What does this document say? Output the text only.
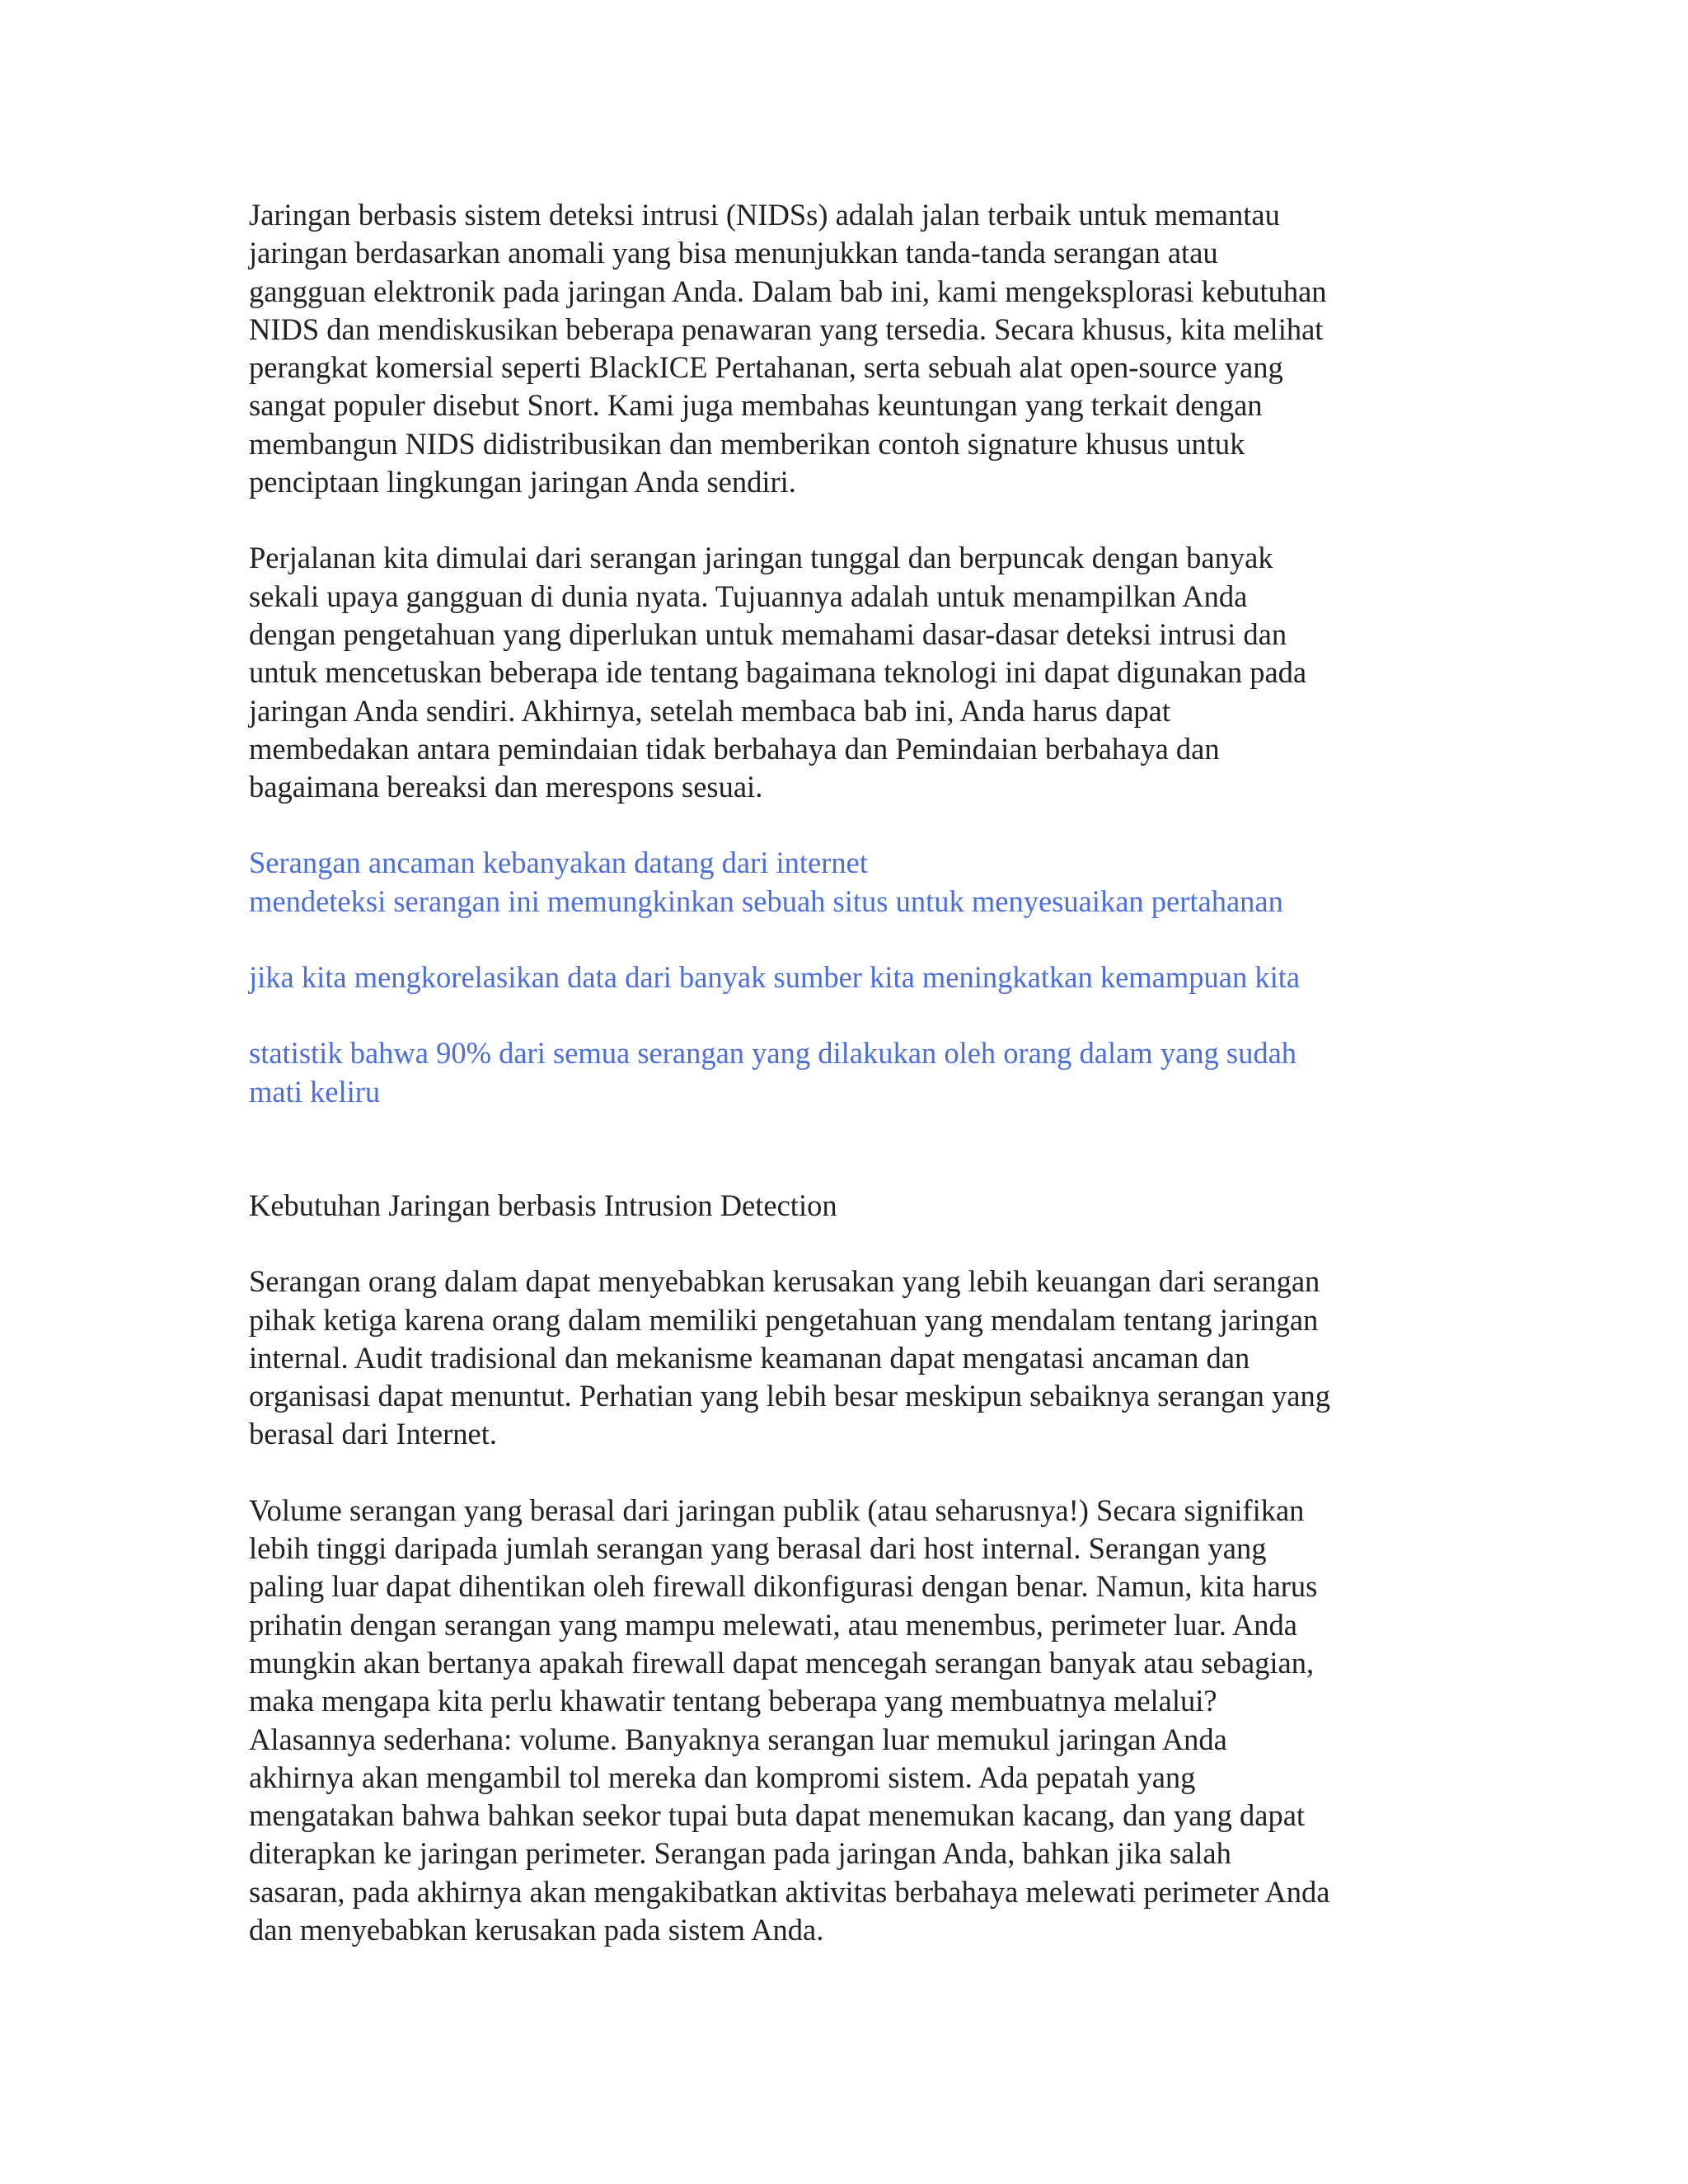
Jaringan berbasis sistem deteksi intrusi (NIDSs) adalah jalan terbaik untuk memantau
jaringan berdasarkan anomali yang bisa menunjukkan tanda-tanda serangan atau
gangguan elektronik pada jaringan Anda. Dalam bab ini, kami mengeksplorasi kebutuhan
NIDS dan mendiskusikan beberapa penawaran yang tersedia. Secara khusus, kita melihat
perangkat komersial seperti BlackICE Pertahanan, serta sebuah alat open-source yang
sangat populer disebut Snort. Kami juga membahas keuntungan yang terkait dengan
membangun NIDS didistribusikan dan memberikan contoh signature khusus untuk
penciptaan lingkungan jaringan Anda sendiri.

Perjalanan kita dimulai dari serangan jaringan tunggal dan berpuncak dengan banyak
sekali upaya gangguan di dunia nyata. Tujuannya adalah untuk menampilkan Anda
dengan pengetahuan yang diperlukan untuk memahami dasar-dasar deteksi intrusi dan
untuk mencetuskan beberapa ide tentang bagaimana teknologi ini dapat digunakan pada
jaringan Anda sendiri. Akhirnya, setelah membaca bab ini, Anda harus dapat
membedakan antara pemindaian tidak berbahaya dan Pemindaian berbahaya dan
bagaimana bereaksi dan merespons sesuai.

Serangan ancaman kebanyakan datang dari internet
mendeteksi serangan ini memungkinkan sebuah situs untuk menyesuaikan pertahanan

jika kita mengkorelasikan data dari banyak sumber kita meningkatkan kemampuan kita

statistik bahwa 90% dari semua serangan yang dilakukan oleh orang dalam yang sudah
mati keliru

Kebutuhan Jaringan berbasis Intrusion Detection

Serangan orang dalam dapat menyebabkan kerusakan yang lebih keuangan dari serangan
pihak ketiga karena orang dalam memiliki pengetahuan yang mendalam tentang jaringan
internal. Audit tradisional dan mekanisme keamanan dapat mengatasi ancaman dan
organisasi dapat menuntut. Perhatian yang lebih besar meskipun sebaiknya serangan yang
berasal dari Internet.

Volume serangan yang berasal dari jaringan publik (atau seharusnya!) Secara signifikan
lebih tinggi daripada jumlah serangan yang berasal dari host internal. Serangan yang
paling luar dapat dihentikan oleh firewall dikonfigurasi dengan benar. Namun, kita harus
prihatin dengan serangan yang mampu melewati, atau menembus, perimeter luar. Anda
mungkin akan bertanya apakah firewall dapat mencegah serangan banyak atau sebagian,
maka mengapa kita perlu khawatir tentang beberapa yang membuatnya melalui?
Alasannya sederhana: volume. Banyaknya serangan luar memukul jaringan Anda
akhirnya akan mengambil tol mereka dan kompromi sistem. Ada pepatah yang
mengatakan bahwa bahkan seekor tupai buta dapat menemukan kacang, dan yang dapat
diterapkan ke jaringan perimeter. Serangan pada jaringan Anda, bahkan jika salah
sasaran, pada akhirnya akan mengakibatkan aktivitas berbahaya melewati perimeter Anda
dan menyebabkan kerusakan pada sistem Anda.
